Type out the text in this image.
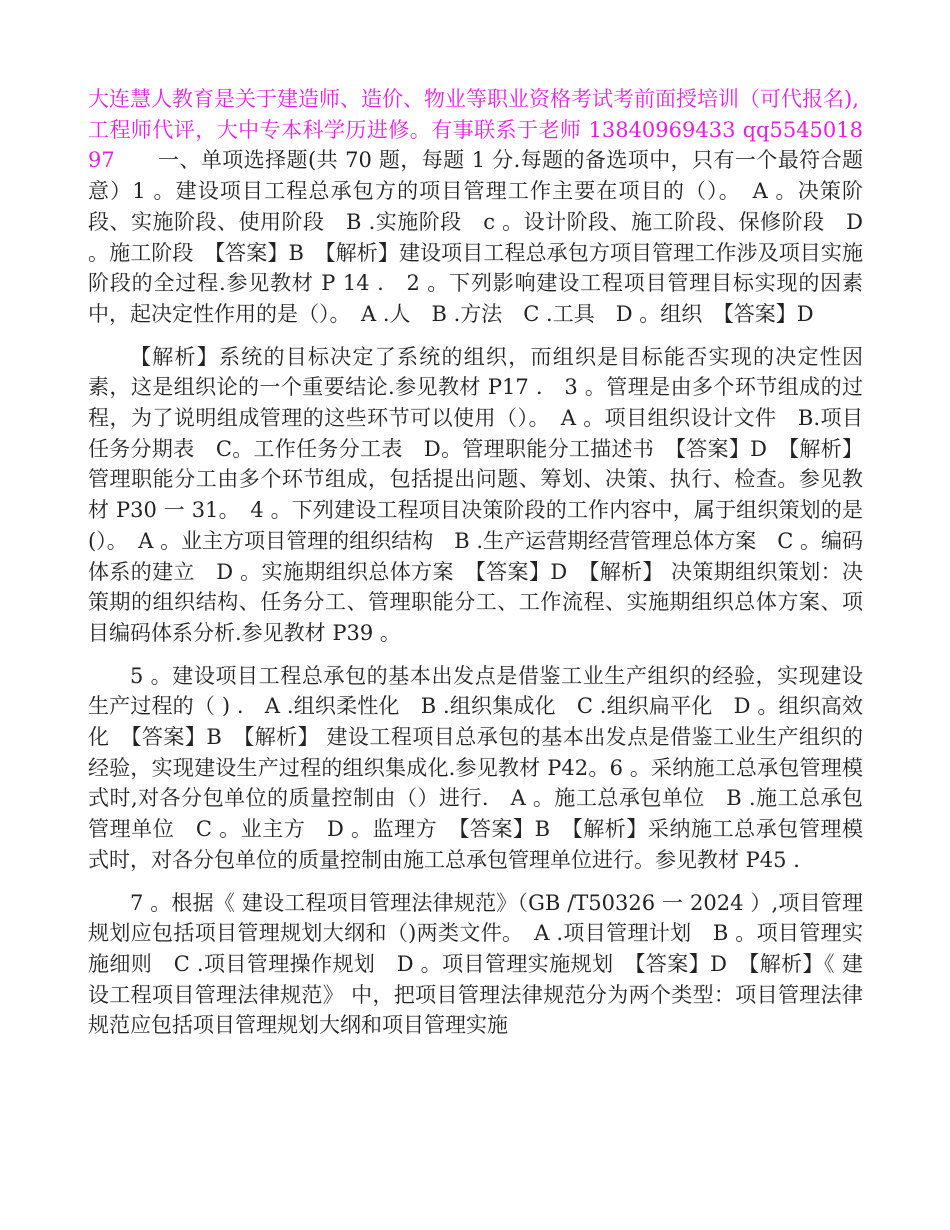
大连慧人教育是关于建造师、造价、物业等职业资格考试考前面授培训（可代报名),
工程师代评，大中专本科学历进修。有事联系于老师 13840969433 qq554501897　　 一、单项选择题(共 70 题，每题 1 分.每题的备选项中，只有一个最符合题意）1 。建设项目工程总承包方的项目管理工作主要在项目的（）。　A 。决策阶段、实施阶段、使用阶段　B .实施阶段　c 。设计阶段、施工阶段、保修阶段　D 。施工阶段　【答案】B　【解析】建设项目工程总承包方项目管理工作涉及项目实施阶段的全过程.参见教材 P 14 .　2 。下列影响建设工程项目管理目标实现的因素中，起决定性作用的是（）。　A .人　B .方法　C .工具　D 。组织　【答案】D

【解析】系统的目标决定了系统的组织，而组织是目标能否实现的决定性因素，这是组织论的一个重要结论.参见教材 P17 .　3 。管理是由多个环节组成的过程，为了说明组成管理的这些环节可以使用（）。　A 。项目组织设计文件　B.项目任务分期表　C。工作任务分工表　D。管理职能分工描述书　【答案】D　【解析】管理职能分工由多个环节组成，包括提出问题、筹划、决策、执行、检查。参见教材 P30 一 31。　4 。下列建设工程项目决策阶段的工作内容中，属于组织策划的是(）。　A 。业主方项目管理的组织结构　B .生产运营期经营管理总体方案　C 。编码体系的建立　D 。实施期组织总体方案　【答案】D　【解析】 决策期组织策划：决策期的组织结构、任务分工、管理职能分工、工作流程、实施期组织总体方案、项目编码体系分析.参见教材 P39 。

5 。建设项目工程总承包的基本出发点是借鉴工业生产组织的经验，实现建设生产过程的（ ) .　A .组织柔性化　B .组织集成化　C .组织扁平化　D 。组织高效化　【答案】B　【解析】 建设工程项目总承包的基本出发点是借鉴工业生产组织的经验，实现建设生产过程的组织集成化.参见教材 P42。6 。采纳施工总承包管理模式时,对各分包单位的质量控制由（）进行.　A 。施工总承包单位　B .施工总承包管理单位　C 。业主方　D 。监理方　【答案】B　【解析】采纳施工总承包管理模式时，对各分包单位的质量控制由施工总承包管理单位进行。参见教材 P45 .

7 。根据《 建设工程项目管理法律规范》（GB /T50326 一 2024 ）,项目管理规划应包括项目管理规划大纲和（)两类文件。　A .项目管理计划　B 。项目管理实施细则　C .项目管理操作规划　D 。项目管理实施规划　【答案】D　【解析】《 建设工程项目管理法律规范》 中，把项目管理法律规范分为两个类型：项目管理法律规范应包括项目管理规划大纲和项目管理实施
